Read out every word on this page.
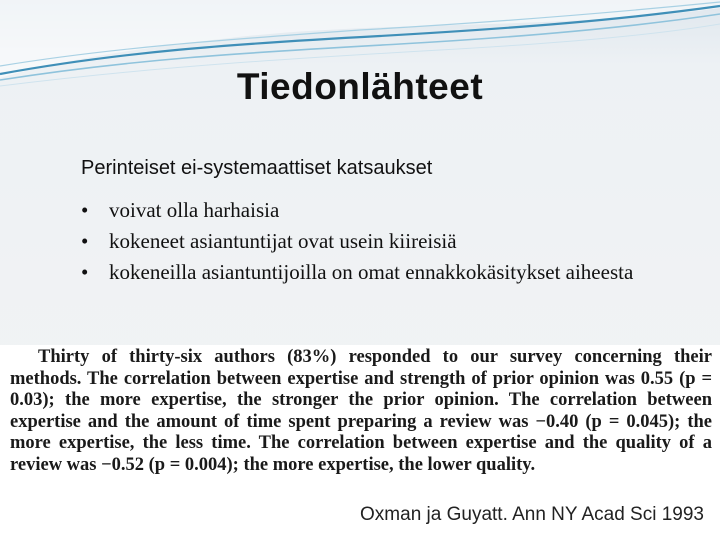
Tiedonlähteet
Perinteiset ei-systemaattiset katsaukset
• voivat olla harhaisia
• kokeneet asiantuntijat ovat usein kiireisiä
• kokeneilla asiantuntijoilla on omat ennakkokäsitykset aiheesta
Thirty of thirty-six authors (83%) responded to our survey concerning their methods. The correlation between expertise and strength of prior opinion was 0.55 (p = 0.03); the more expertise, the stronger the prior opinion. The correlation between expertise and the amount of time spent preparing a review was −0.40 (p = 0.045); the more expertise, the less time. The correlation between expertise and the quality of a review was −0.52 (p = 0.004); the more expertise, the lower quality.
Oxman ja Guyatt. Ann NY Acad Sci 1993
